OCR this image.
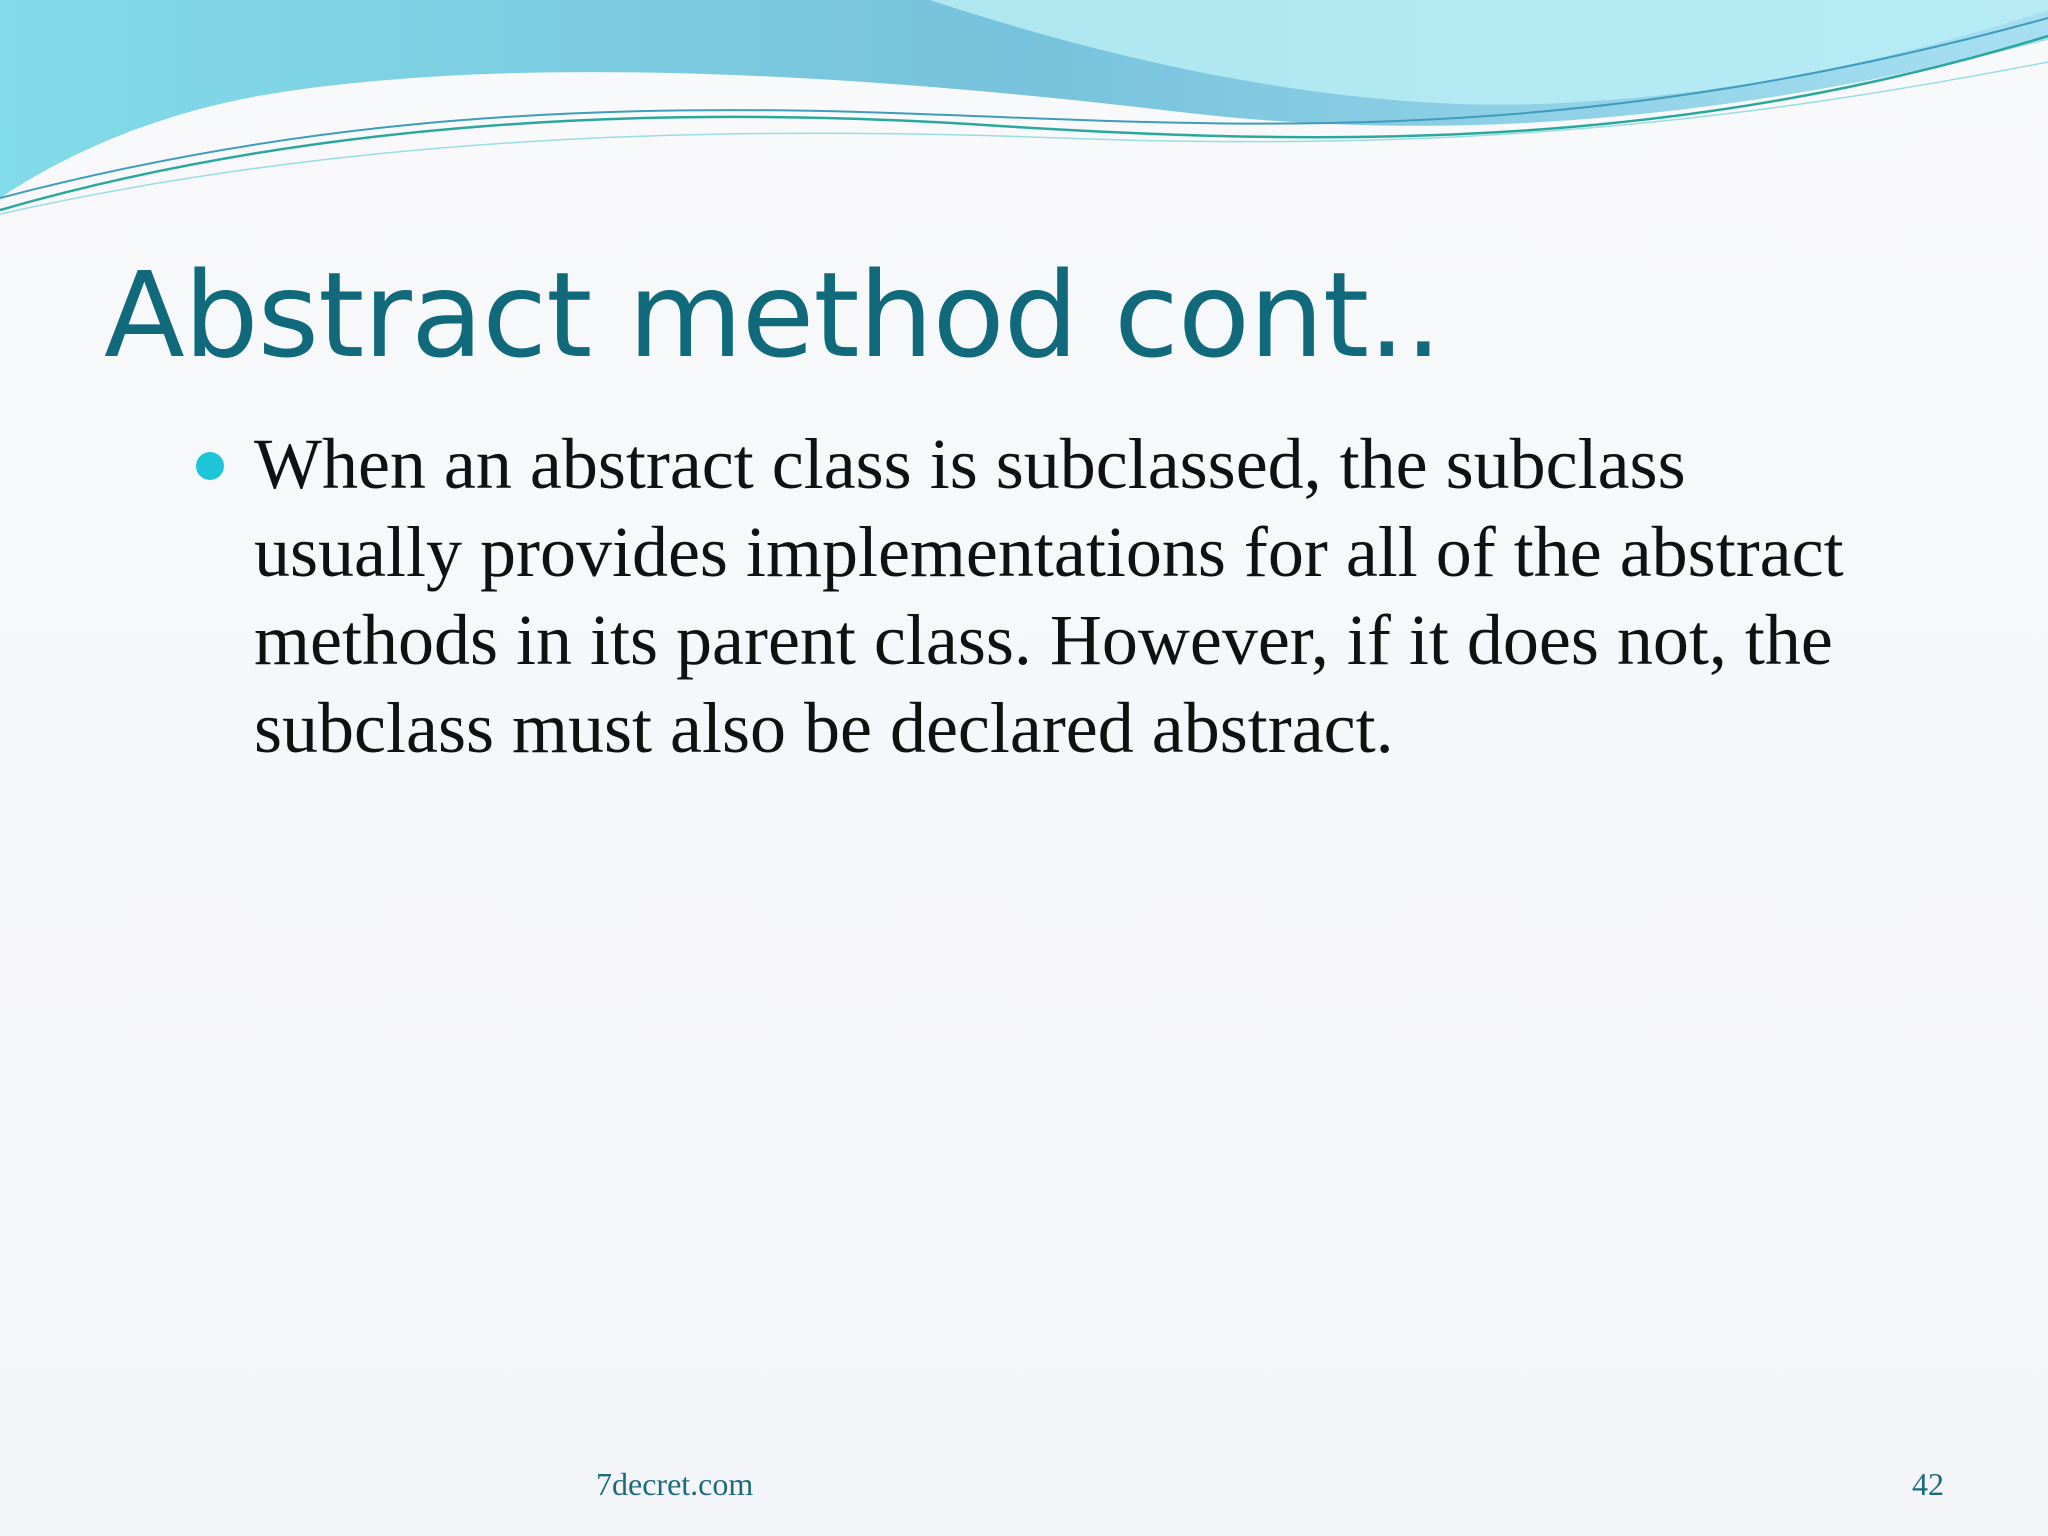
Abstract method cont..
When an abstract class is subclassed, the subclass usually provides implementations for all of the abstract methods in its parent class. However, if it does not, the subclass must also be declared abstract.
7decret.com	42
